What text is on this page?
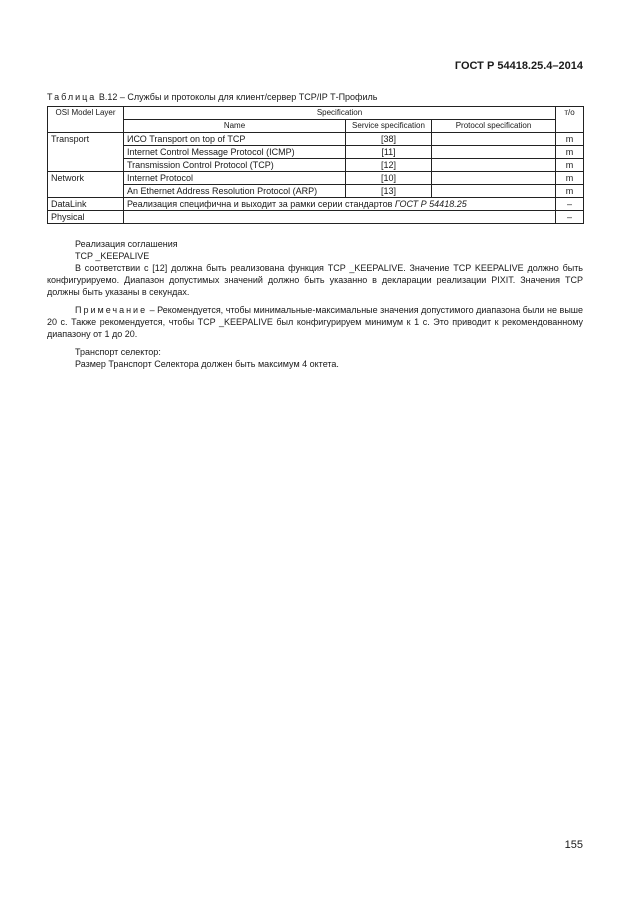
ГОСТ Р 54418.25.4–2014
Таблица В.12 – Службы и протоколы для клиент/сервер TCP/IP Т-Профиль
OSI Model Layer	Specification			т/о
	Name	Service specification	Protocol specification	
Transport	ИСО Transport on top of TCP	[38]		m
	Internet Control Message Protocol (ICMP)	[11]		m
	Transmission Control Protocol (TCP)	[12]		m
Network	Internet Protocol	[10]		m
	An Ethernet Address Resolution Protocol (ARP)	[13]		m
DataLink	Реализация специфична и выходит за рамки серии стандартов ГОСТ Р 54418.25			–
Physical				–

Реализация соглашения

TCP _KEEPALIVE

В соответствии с [12] должна быть реализована функция TCP _KEEPALIVE. Значение TCP KEEPALIVE должно быть конфигурируемо. Диапазон допустимых значений должно быть указанно в декларации реализации PIXIT. Значения TCP должны быть указаны в секундах.

Примечание – Рекомендуется, чтобы минимальные-максимальные значения допустимого диапазона были не выше 20 с. Также рекомендуется, чтобы TCP _KEEPALIVE был конфигурируем минимум к 1 с. Это приводит к рекомендованному диапазону от 1 до 20.

Транспорт селектор:

Размер Транспорт Селектора должен быть максимум 4 октета.

155
